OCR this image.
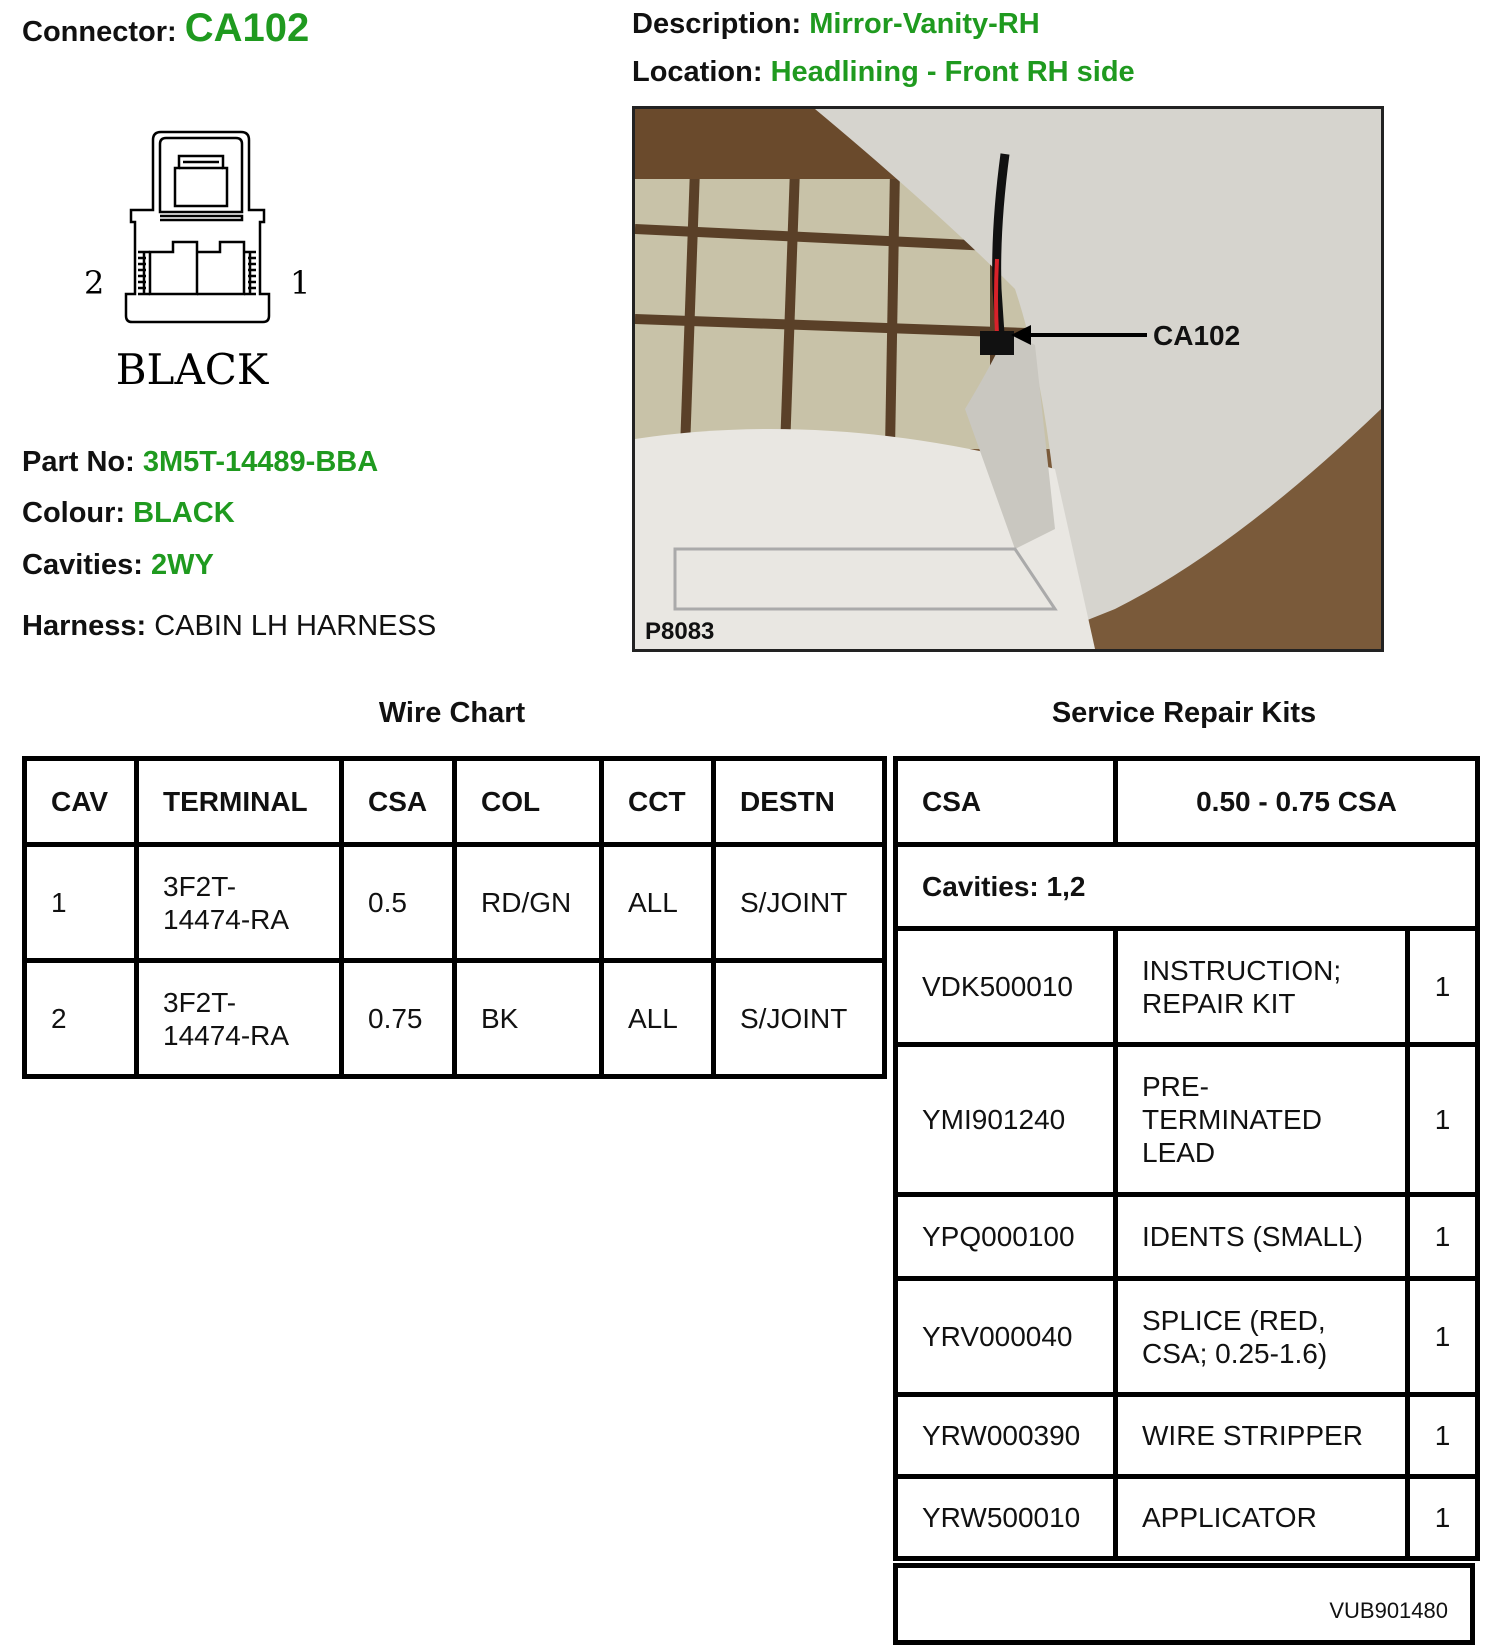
Connector: CA102	Description: Mirror-Vanity-RH
Location: Headlining - Front RH side
2	1
BLACK
Part No: 3M5T-14489-BBA
Colour: BLACK
Cavities: 2WY
Harness: CABIN LH HARNESS
CA102
P8083
Wire Chart	Service Repair Kits
CAV	TERMINAL	CSA	COL	CCT	DESTN
1	3F2T-14474-RA	0.5	RD/GN	ALL	S/JOINT
2	3F2T-14474-RA	0.75	BK	ALL	S/JOINT
CSA	0.50 - 0.75 CSA	
Cavities: 1,2		
VDK500010	INSTRUCTION; REPAIR KIT	1
YMI901240	PRE-TERMINATED LEAD	1
YPQ000100	IDENTS (SMALL)	1
YRV000040	SPLICE (RED, CSA; 0.25-1.6)	1
YRW000390	WIRE STRIPPER	1
YRW500010	APPLICATOR	1
VUB901480
